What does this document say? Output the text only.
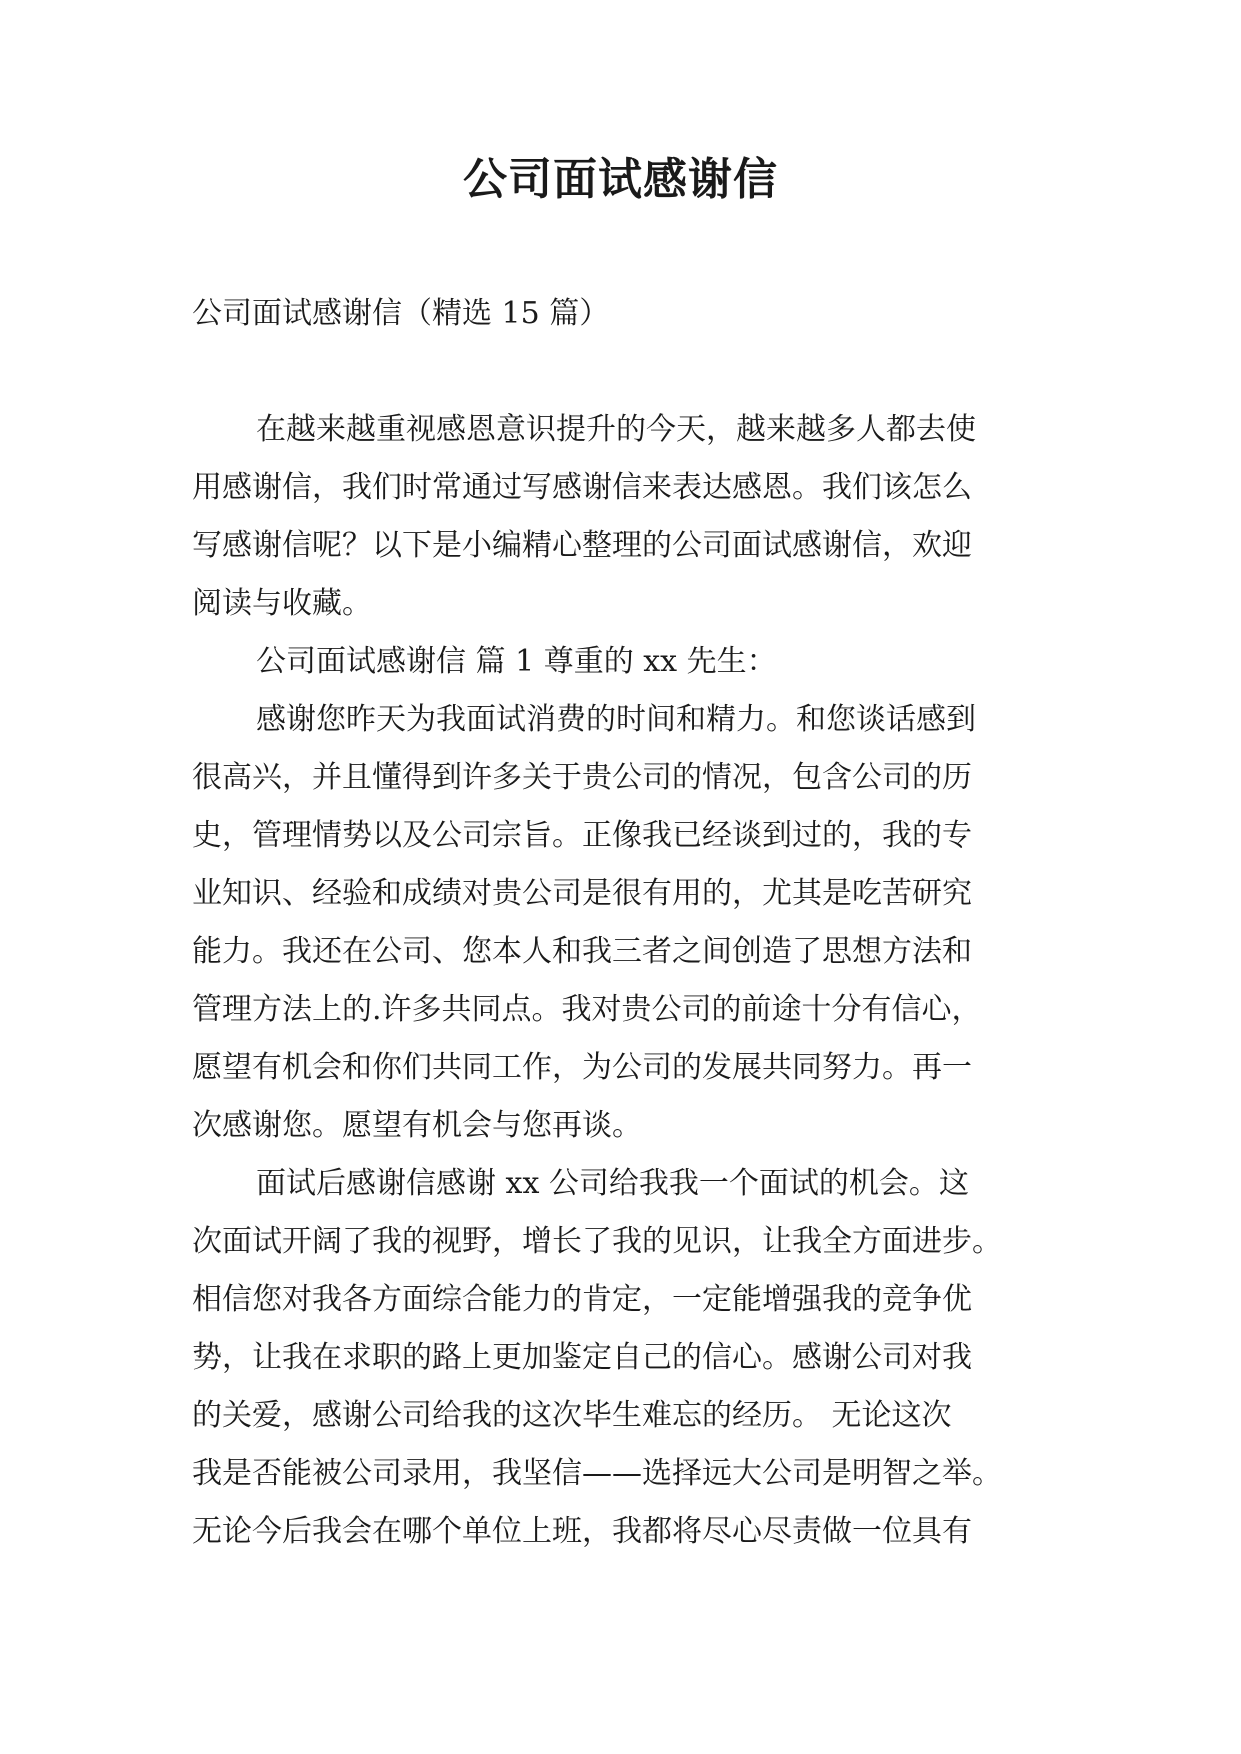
公司面试感谢信

公司面试感谢信（精选 15 篇）

在越来越重视感恩意识提升的今天，越来越多人都去使
用感谢信，我们时常通过写感谢信来表达感恩。我们该怎么
写感谢信呢？以下是小编精心整理的公司面试感谢信，欢迎
阅读与收藏。

公司面试感谢信 篇 1 尊重的 xx 先生：

感谢您昨天为我面试消费的时间和精力。和您谈话感到
很高兴，并且懂得到许多关于贵公司的情况，包含公司的历
史，管理情势以及公司宗旨。正像我已经谈到过的，我的专
业知识、经验和成绩对贵公司是很有用的，尤其是吃苦研究
能力。我还在公司、您本人和我三者之间创造了思想方法和
管理方法上的.许多共同点。我对贵公司的前途十分有信心，
愿望有机会和你们共同工作，为公司的发展共同努力。再一
次感谢您。愿望有机会与您再谈。

面试后感谢信感谢 xx 公司给我我一个面试的机会。这
次面试开阔了我的视野，增长了我的见识，让我全方面进步。
相信您对我各方面综合能力的肯定，一定能增强我的竞争优
势，让我在求职的路上更加鉴定自己的信心。感谢公司对我
的关爱，感谢公司给我的这次毕生难忘的经历。 无论这次
我是否能被公司录用，我坚信——选择远大公司是明智之举。
无论今后我会在哪个单位上班，我都将尽心尽责做一位具有
